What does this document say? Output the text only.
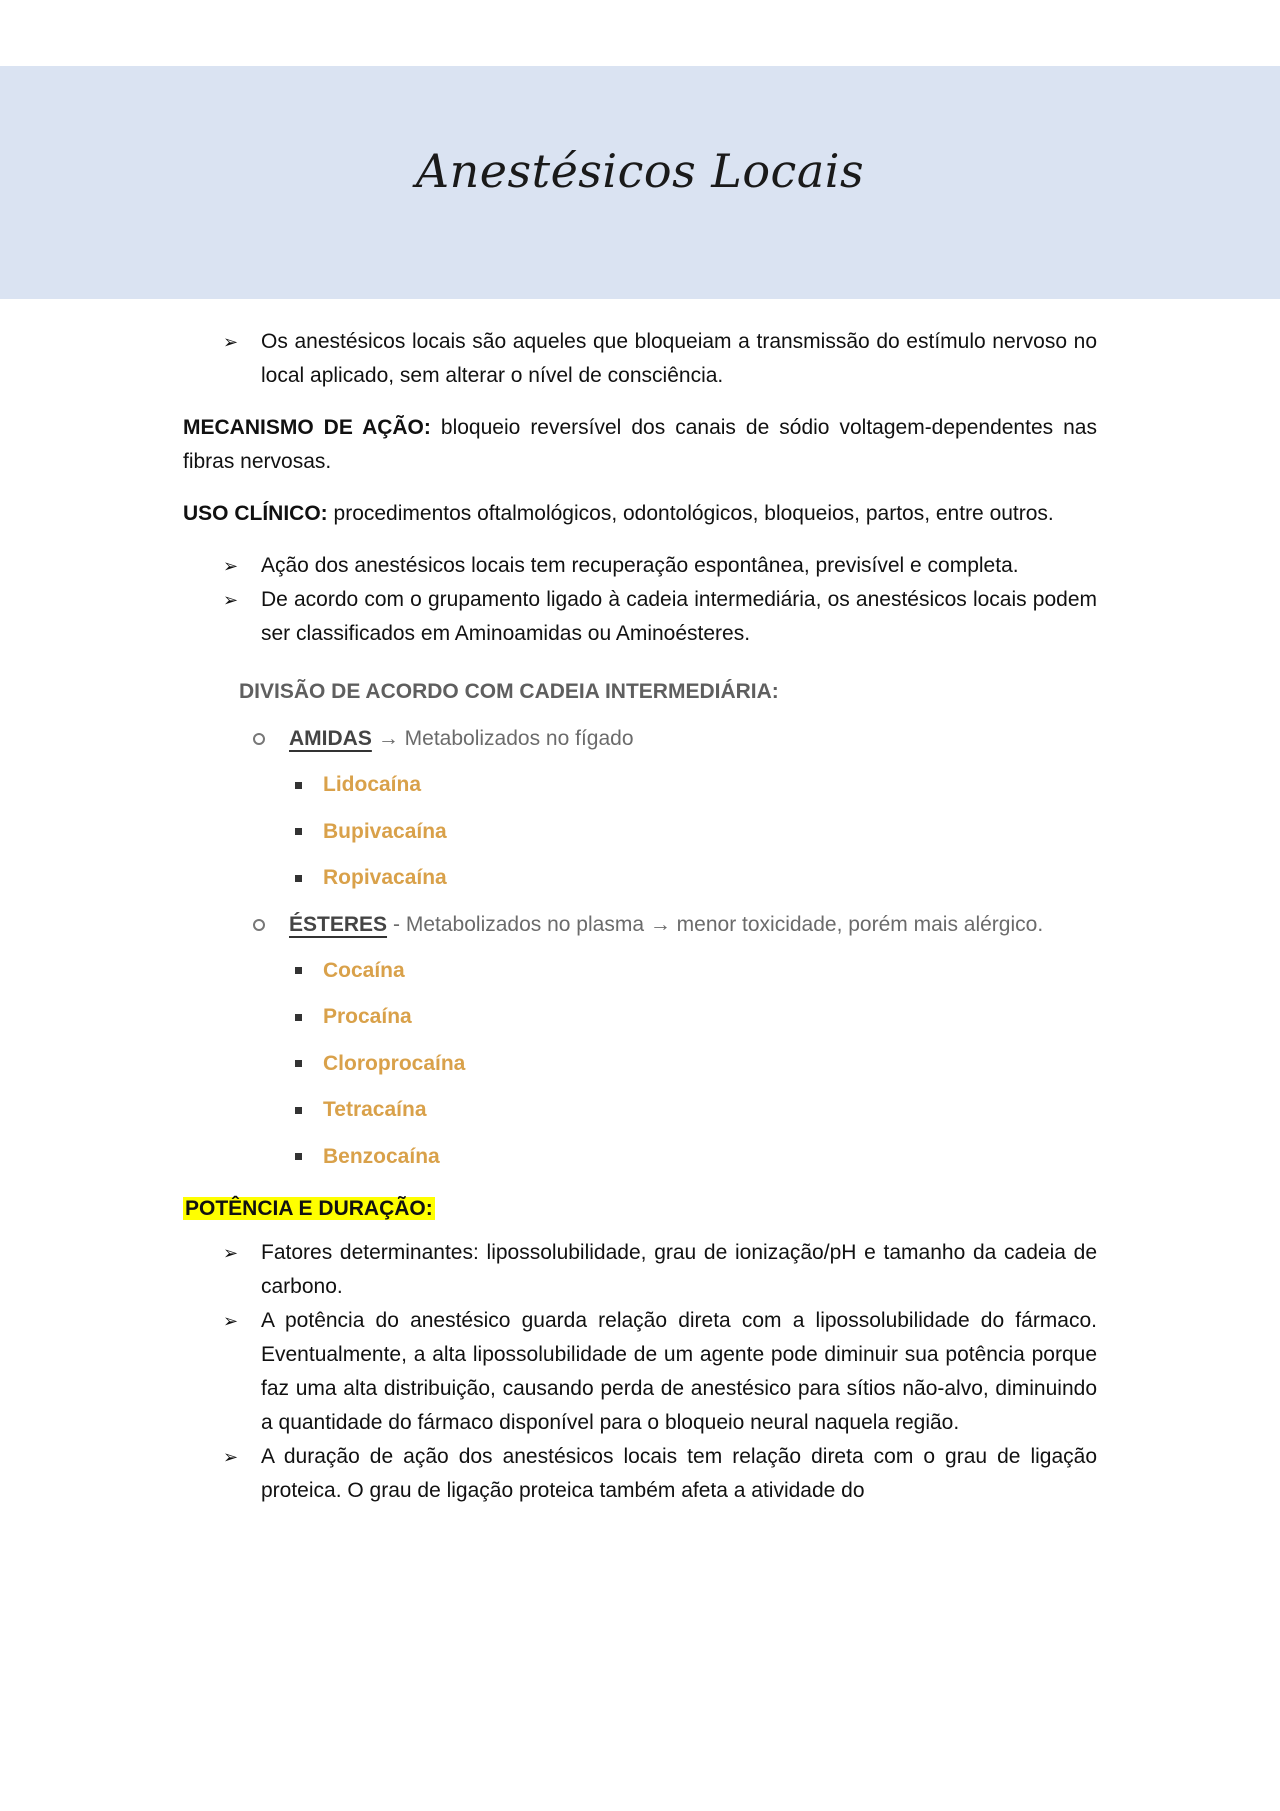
Anestésicos Locais
➢	Os anestésicos locais são aqueles que bloqueiam a transmissão do estímulo nervoso no local aplicado, sem alterar o nível de consciência.

MECANISMO DE AÇÃO: bloqueio reversível dos canais de sódio voltagem-dependentes nas fibras nervosas.

USO CLÍNICO: procedimentos oftalmológicos, odontológicos, bloqueios, partos, entre outros.

➢	Ação dos anestésicos locais tem recuperação espontânea, previsível e completa.
➢	De acordo com o grupamento ligado à cadeia intermediária, os anestésicos locais podem ser classificados em Aminoamidas ou Aminoésteres.
DIVISÃO DE ACORDO COM CADEIA INTERMEDIÁRIA:
AMIDAS → Metabolizados no fígado
Lidocaína
Bupivacaína
Ropivacaína
ÉSTERES - Metabolizados no plasma → menor toxicidade, porém mais alérgico.
Cocaína
Procaína
Cloroprocaína
Tetracaína
Benzocaína

POTÊNCIA E DURAÇÃO:

➢	Fatores determinantes: lipossolubilidade, grau de ionização/pH e tamanho da cadeia de carbono.
➢	A potência do anestésico guarda relação direta com a lipossolubilidade do fármaco. Eventualmente, a alta lipossolubilidade de um agente pode diminuir sua potência porque faz uma alta distribuição, causando perda de anestésico para sítios não-alvo, diminuindo a quantidade do fármaco disponível para o bloqueio neural naquela região.
➢	A duração de ação dos anestésicos locais tem relação direta com o grau de ligação proteica. O grau de ligação proteica também afeta a atividade do
